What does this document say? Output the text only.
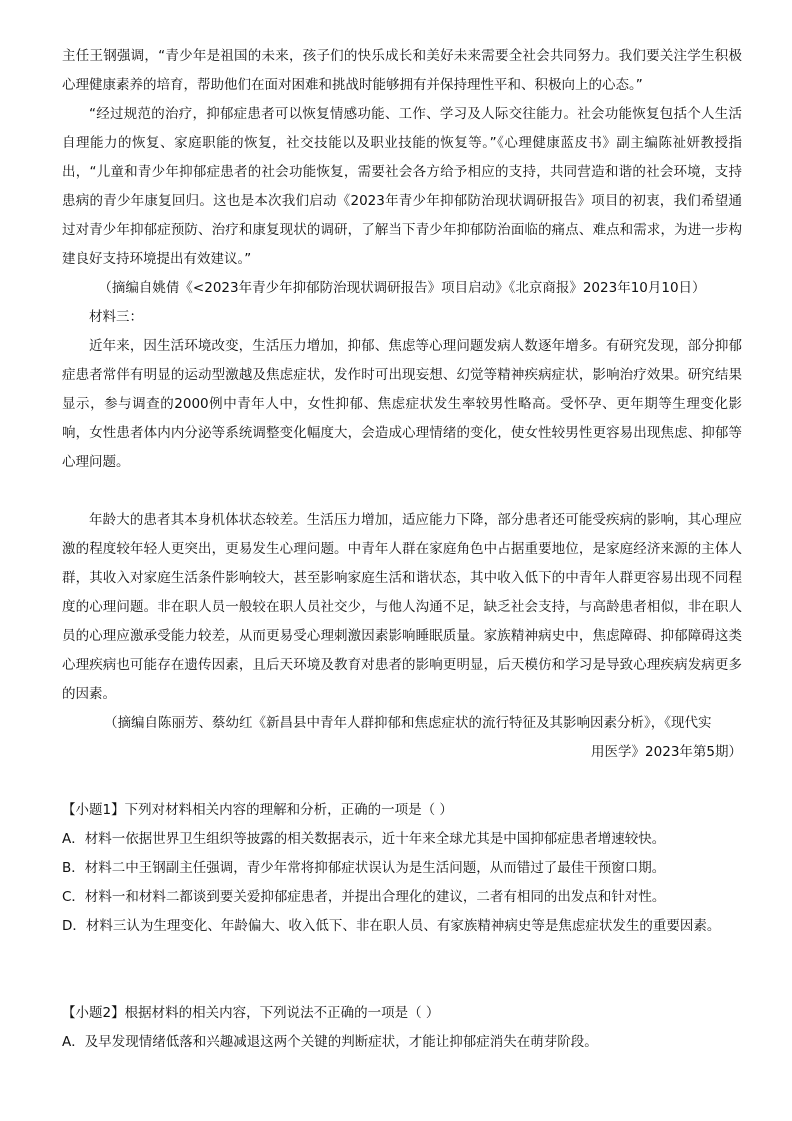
主任王钢强调，“青少年是祖国的未来，孩子们的快乐成长和美好未来需要全社会共同努力。我们要关注学生积极心理健康素养的培育，帮助他们在面对困难和挑战时能够拥有并保持理性平和、积极向上的心态。”

“经过规范的治疗，抑郁症患者可以恢复情感功能、工作、学习及人际交往能力。社会功能恢复包括个人生活自理能力的恢复、家庭职能的恢复，社交技能以及职业技能的恢复等。”《心理健康蓝皮书》副主编陈祉妍教授指出，“儿童和青少年抑郁症患者的社会功能恢复，需要社会各方给予相应的支持，共同营造和谐的社会环境，支持患病的青少年康复回归。这也是本次我们启动《2023年青少年抑郁防治现状调研报告》项目的初衷，我们希望通过对青少年抑郁症预防、治疗和康复现状的调研，了解当下青少年抑郁防治面临的痛点、难点和需求，为进一步构建良好支持环境提出有效建议。”

（摘编自姚倩《<2023年青少年抑郁防治现状调研报告》项目启动》《北京商报》2023年10月10日）

材料三：

近年来，因生活环境改变，生活压力增加，抑郁、焦虑等心理问题发病人数逐年增多。有研究发现，部分抑郁症患者常伴有明显的运动型激越及焦虑症状，发作时可出现妄想、幻觉等精神疾病症状，影响治疗效果。研究结果显示，参与调查的2000例中青年人中，女性抑郁、焦虑症状发生率较男性略高。受怀孕、更年期等生理变化影响，女性患者体内内分泌等系统调整变化幅度大，会造成心理情绪的变化，使女性较男性更容易出现焦虑、抑郁等心理问题。

年龄大的患者其本身机体状态较差。生活压力增加，适应能力下降，部分患者还可能受疾病的影响，其心理应激的程度较年轻人更突出，更易发生心理问题。中青年人群在家庭角色中占据重要地位，是家庭经济来源的主体人群，其收入对家庭生活条件影响较大，甚至影响家庭生活和谐状态，其中收入低下的中青年人群更容易出现不同程度的心理问题。非在职人员一般较在职人员社交少，与他人沟通不足，缺乏社会支持，与高龄患者相似，非在职人员的心理应激承受能力较差，从而更易受心理刺激因素影响睡眠质量。家族精神病史中，焦虑障碍、抑郁障碍这类心理疾病也可能存在遗传因素，且后天环境及教育对患者的影响更明显，后天模仿和学习是导致心理疾病发病更多的因素。

（摘编自陈丽芳、蔡幼红《新昌县中青年人群抑郁和焦虑症状的流行特征及其影响因素分析》，《现代实

用医学》2023年第5期）

【小题1】下列对材料相关内容的理解和分析，正确的一项是（ ）

A．材料一依据世界卫生组织等披露的相关数据表示，近十年来全球尤其是中国抑郁症患者增速较快。

B．材料二中王钢副主任强调，青少年常将抑郁症状误认为是生活问题，从而错过了最佳干预窗口期。

C．材料一和材料二都谈到要关爱抑郁症患者，并提出合理化的建议，二者有相同的出发点和针对性。

D．材料三认为生理变化、年龄偏大、收入低下、非在职人员、有家族精神病史等是焦虑症状发生的重要因素。

【小题2】根据材料的相关内容，下列说法不正确的一项是（ ）

A．及早发现情绪低落和兴趣减退这两个关键的判断症状，才能让抑郁症消失在萌芽阶段。
